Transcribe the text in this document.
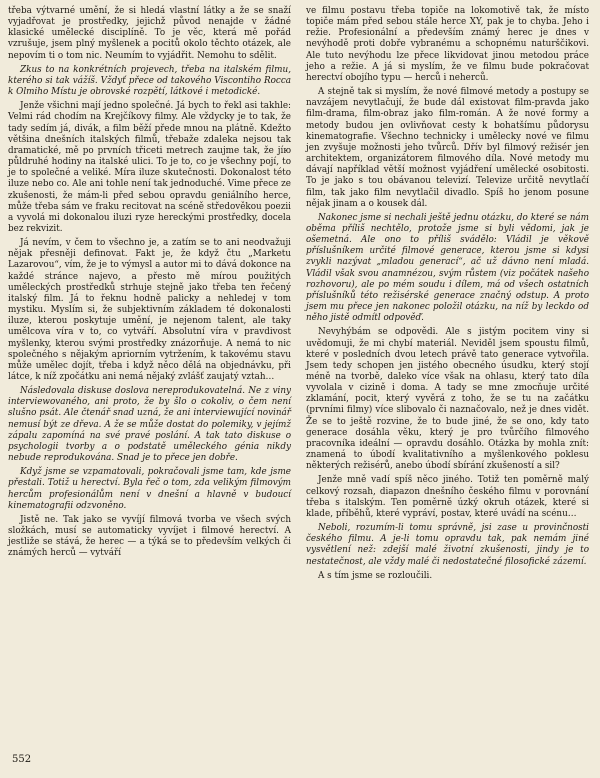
třeba výtvarné umění, že si hledá vlastní látky a že se snaží vyjadřovat je prostředky, jejichž původ nenajde v žádné klasické umělecké disciplíně. To je věc, která mě pořád vzrušuje, jsem plný myšlenek a pocitů okolo těchto otázek, ale nepovím ti o tom nic. Neumím to vyjádřit. Nemohu to sdělit.

Zkus to na konkrétních projevech, třeba na italském filmu, kterého si tak vážíš. Vždyť přece od takového Viscontiho Rocca k Olmiho Místu je obrovské rozpětí, látkové i metodické.

Jenže všichni mají jedno společné. Já bych to řekl asi takhle: Velmi rád chodím na Krejčíkovy filmy. Ale vždycky je to tak, že tady sedím já, divák, a film běží předе mnou na plátně. Kdežto většina dnešních italských filmů, třebaže zdaleka nejsou tak dramatické, mě po prvních třiceti metrech zaujme tak, že jíю půldruhé hodiny na italské ulici. To je to, co je všechny pojí, to je to společné a veliké. Míra iluze skutečnosti. Dokonalost této iluze nebo co. Ale ani tohle není tak jednoduché. Vime přece ze zkušenosti, že mám-li před sebou opravdu geniálního herce, může třeba sám ve fraku recitovat na scéně středověkou poezii a vyvolá mi dokonalou iluzi ryze hereckými prostředky, docela bez rekvizit.

Já nevím, v čem to všechno je, a zatím se to ani neodvažuji nějak přesněji definovat. Fakt je, že když čtu „Marketu Lazarovou“, vím, že je to výmysl a autor mi to dává dokonce na každé stránce najevo, a přesto mě mírou použitých uměleckých prostředků strhuje stejně jako třeba ten řečený italský film. Já to řeknu hodně palicky a nehledej v tom mystiku. Myslím si, že subjektivním základem té dokonalosti iluze, kterou poskytuje umění, je nejenom talent, ale taky umělcova víra v to, co vytváří. Absolutní víra v pravdivost myšlenky, kterou svými prostředky znázorňuje. A nemá to nic společného s nějakým apriorním vytržením, k takovému stavu může umělec dojít, třeba i když něco dělá na objednávku, při látce, k níž zpočátku ani nemá nějaký zvlášť zaujatý vztah…

Následovala diskuse doslova nereprodukovatelná. Ne z viny interviewovaného, ani proto, že by šlo o cokoliv, o čem není slušno psát. Ale čtenář snad uzná, že ani interviewující novinář nemusí být ze dřeva. A že se může dostat do polemiky, v jejímž zápalu zapomíná na své pravé poslání. A tak tato diskuse o psychologii tvorby a o podstatě uměleckého génia nikdy nebude reprodukována. Snad je to přece jen dobře.

Když jsme se vzpamatovali, pokračovali jsme tam, kde jsme přestali. Totiž u herectví. Byla řeč o tom, zda velikým filmovým hercům profesionálům není v dnešní a hlavně v budoucí kinematografii odzvoněno.

Jistě ne. Tak jako se vyvíjí filmová tvorba ve všech svých složkách, musí se automaticky vyvíjet i filmové herectví. A jestliže se stává, že herec — a týká se to především velkých či známých herců — vytváří

ve filmu postavu třeba topiče na lokomotivě tak, že místo topiče mám před sebou stále herce XY, pak je to chyba. Jeho i režie. Profesionální a především známý herec je dnes v nevýhodě proti dobře vybranému a schopnému naturščikovi. Ale tuto nevýhodu lze přece likvidovat jinou metodou práce jeho a režie. A já si myslím, že ve filmu bude pokračovat herectví obojího typu — herců i neherců.

A stejně tak si myslím, že nové filmové metody a postupy se navzájem nevytlačují, že bude dál existovat film-pravda jako film-drama, film-obraz jako film-román. A že nové formy a metody budou jen ovlivňovat cesty k bohatšímu půdorysu kinematografie. Všechno technicky i umělecky nové ve filmu jen zvyšuje možnosti jeho tvůrců. Dřív byl filmový režisér jen architektem, organizátorem filmového díla. Nové metody mu dávají například větší možnost vyjádření umělecké osobitosti. To je jako s tou obávanou televizí. Televize určitě nevytlačí film, tak jako film nevytlačil divadlo. Spíš ho jenom posune nějak jinam a o kousek dál.

Nakonec jsme si nechali ještě jednu otázku, do které se nám oběma příliš nechtělo, protože jsme si byli vědomi, jak je ošemetná. Ale ono to příliš svádělo: Vládil je věkově příslušníkem určité filmové generace, kterou jsme si kdysi zvykli nazývat „mladou generací“, ač už dávno není mladá. Vládil však svou anamnézou, svým růstem (viz počátek našeho rozhovoru), ale po mém soudu i dílem, má od všech ostatních příslušníků této režisérské generace značný odstup. A proto jsem mu přece jen nakonec položil otázku, na níž by leckdo od něho jistě odmítl odpověď.

Nevyhýbám se odpovědi. Ale s jistým pocitem viny si uvědomuji, že mi chybí materiál. Neviděl jsem spoustu filmů, které v posledních dvou letech právě tato generace vytvořila. Jsem tedy schopen jen jistého obecného úsudku, který stojí méně na tvorbě, daleko více však na ohlasu, který tato díla vyvolala v cizině i doma. A tady se mne zmocňuje určité zklamání, pocit, který vyvěrá z toho, že se tu na začátku (prvními filmy) více slibovalo či naznačovalo, než je dnes vidět. Že se to ještě rozvine, že to bude jiné, že se ono, kdy tato generace dosáhla věku, který je pro tvůrčího filmového pracovníka ideální — opravdu dosáhlo. Otázka by mohla znít: znamená to úbodí kvalitativního a myšlenkového poklesu některých režisérů, anebo úbodí sbírání zkušeností a sil?

Jenže mně vadí spíš něco jiného. Totiž ten poměrně malý celkový rozsah, diapazon dnešního českého filmu v porovnání třeba s italským. Ten poměrně úzký okruh otázek, které si klade, příběhů, které vypráví, postav, které uvádí na scénu…

Neboli, rozumím-li tomu správně, jsi zase u provinčnosti českého filmu. A je-li tomu opravdu tak, pak nemám jiné vysvětlení než: zdejší malé životní zkušenosti, jindy je to nestatečnost, ale vždy malé či nedostatečné filosofické zázemí.

A s tím jsme se rozloučili.

552
